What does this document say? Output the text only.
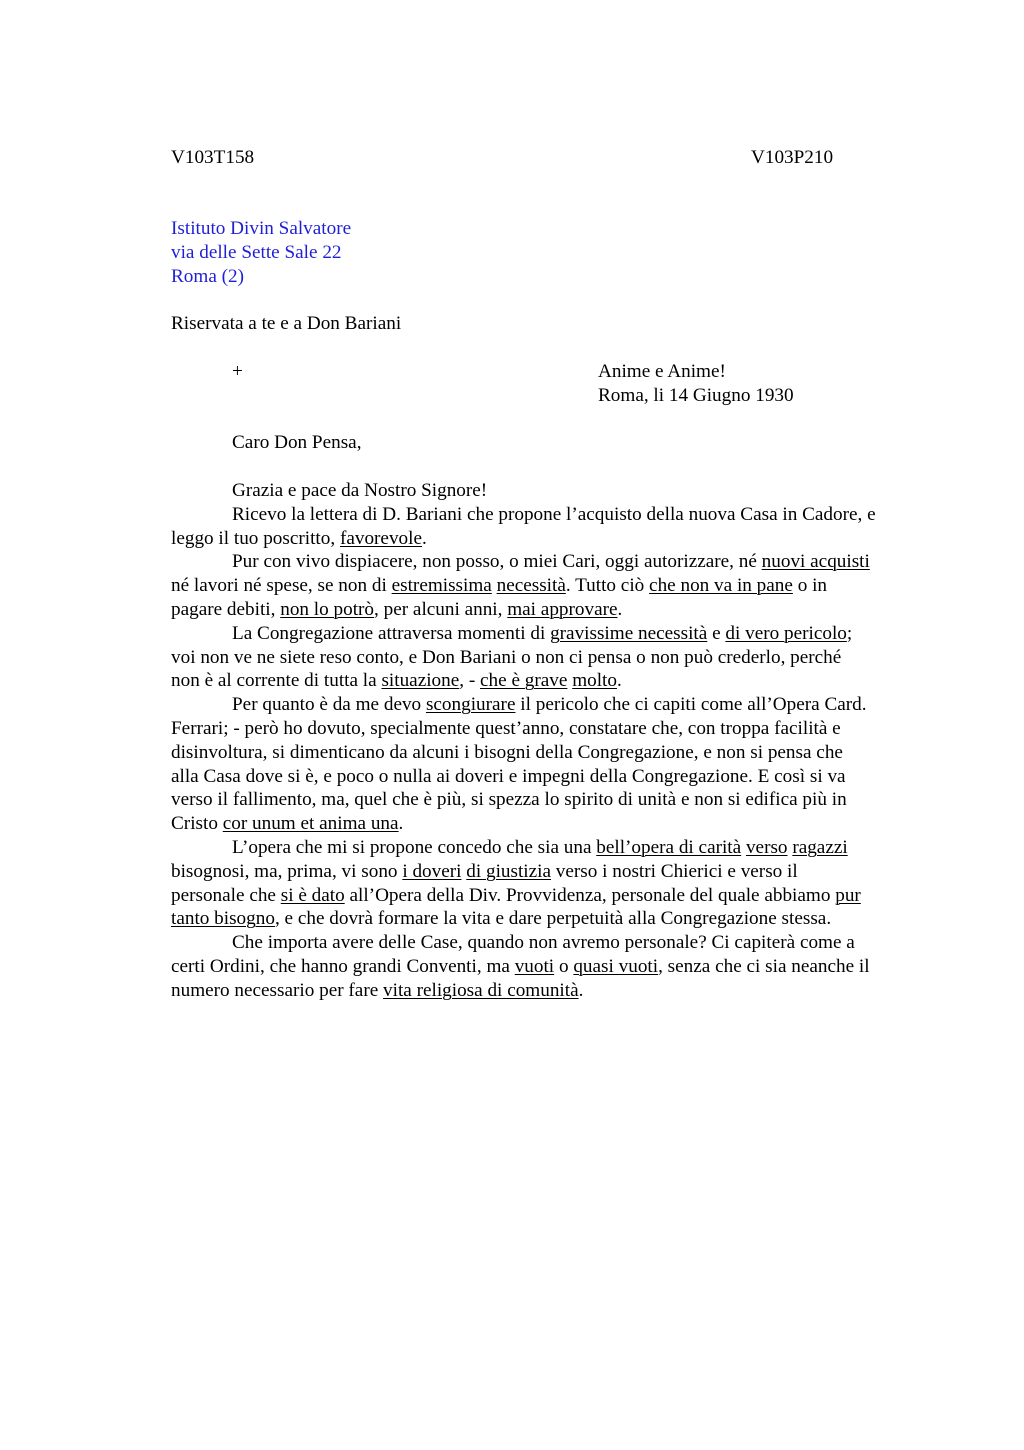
V103T158	V103P210
Istituto Divin Salvatore
via delle Sette Sale 22
Roma (2)
Riservata a te e a Don Bariani
+	Anime e Anime!
Roma, li 14 Giugno 1930
Caro Don Pensa,
Grazia e pace da Nostro Signore!
Ricevo la lettera di D. Bariani che propone l’acquisto della nuova Casa in Cadore, e
leggo il tuo poscritto, favorevole.
Pur con vivo dispiacere, non posso, o miei Cari, oggi autorizzare, né nuovi acquisti
né lavori né spese, se non di estremissima necessità. Tutto ciò che non va in pane o in
pagare debiti, non lo potrò, per alcuni anni, mai approvare.
La Congregazione attraversa momenti di gravissime necessità e di vero pericolo;
voi non ve ne siete reso conto, e Don Bariani o non ci pensa o non può crederlo, perché
non è al corrente di tutta la situazione, - che è grave molto.
Per quanto è da me devo scongiurare il pericolo che ci capiti come all’Opera Card.
Ferrari; - però ho dovuto, specialmente quest’anno, constatare che, con troppa facilità e
disinvoltura, si dimenticano da alcuni i bisogni della Congregazione, e non si pensa che
alla Casa dove si è, e poco o nulla ai doveri e impegni della Congregazione. E così si va
verso il fallimento, ma, quel che è più, si spezza lo spirito di unità e non si edifica più in
Cristo cor unum et anima una.
L’opera che mi si propone concedo che sia una bell’opera di carità verso ragazzi
bisognosi, ma, prima, vi sono i doveri di giustizia verso i nostri Chierici e verso il
personale che si è dato all’Opera della Div. Provvidenza, personale del quale abbiamo pur
tanto bisogno, e che dovrà formare la vita e dare perpetuità alla Congregazione stessa.
Che importa avere delle Case, quando non avremo personale? Ci capiterà come a
certi Ordini, che hanno grandi Conventi, ma vuoti o quasi vuoti, senza che ci sia neanche il
numero necessario per fare vita religiosa di comunità.
